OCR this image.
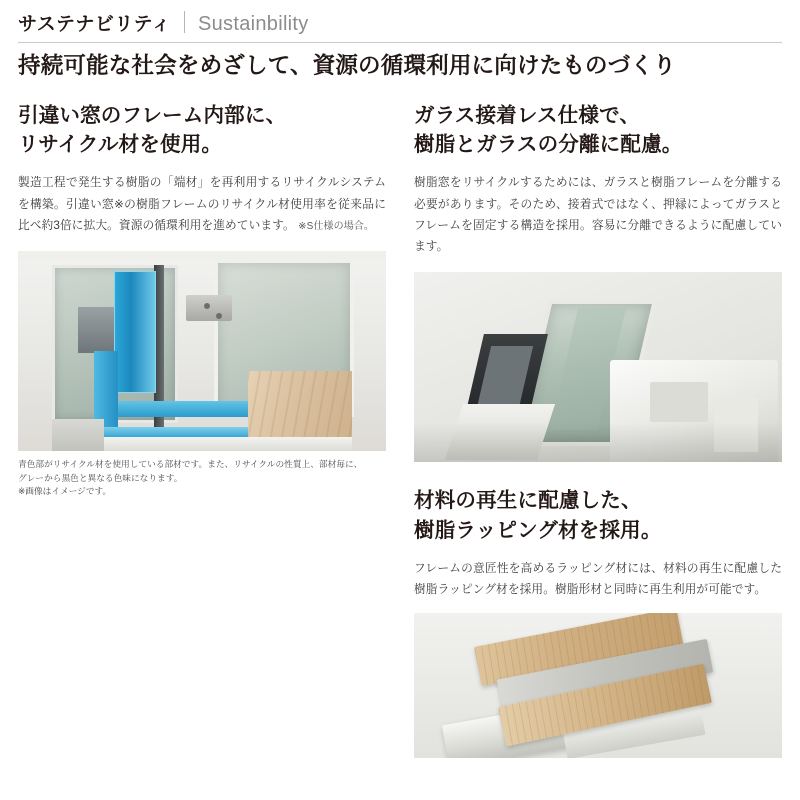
サステナビリティ Sustainbility
持続可能な社会をめざして、資源の循環利用に向けたものづくり
引違い窓のフレーム内部に、
リサイクル材を使用。
製造工程で発生する樹脂の「端材」を再利用するリサイクルシステムを構築。引違い窓※の樹脂フレームのリサイクル材使用率を従来品に比べ約3倍に拡大。資源の循環利用を進めています。 ※S仕様の場合。
青色部がリサイクル材を使用している部材です。また、リサイクルの性質上、部材毎に、
グレーから黒色と異なる色味になります。
※画像はイメージです。
ガラス接着レス仕様で、
樹脂とガラスの分離に配慮。
樹脂窓をリサイクルするためには、ガラスと樹脂フレームを分離する必要があります。そのため、接着式ではなく、押縁によってガラスとフレームを固定する構造を採用。容易に分離できるように配慮しています。
材料の再生に配慮した、
樹脂ラッピング材を採用。
フレームの意匠性を高めるラッピング材には、材料の再生に配慮した樹脂ラッピング材を採用。樹脂形材と同時に再生利用が可能です。
